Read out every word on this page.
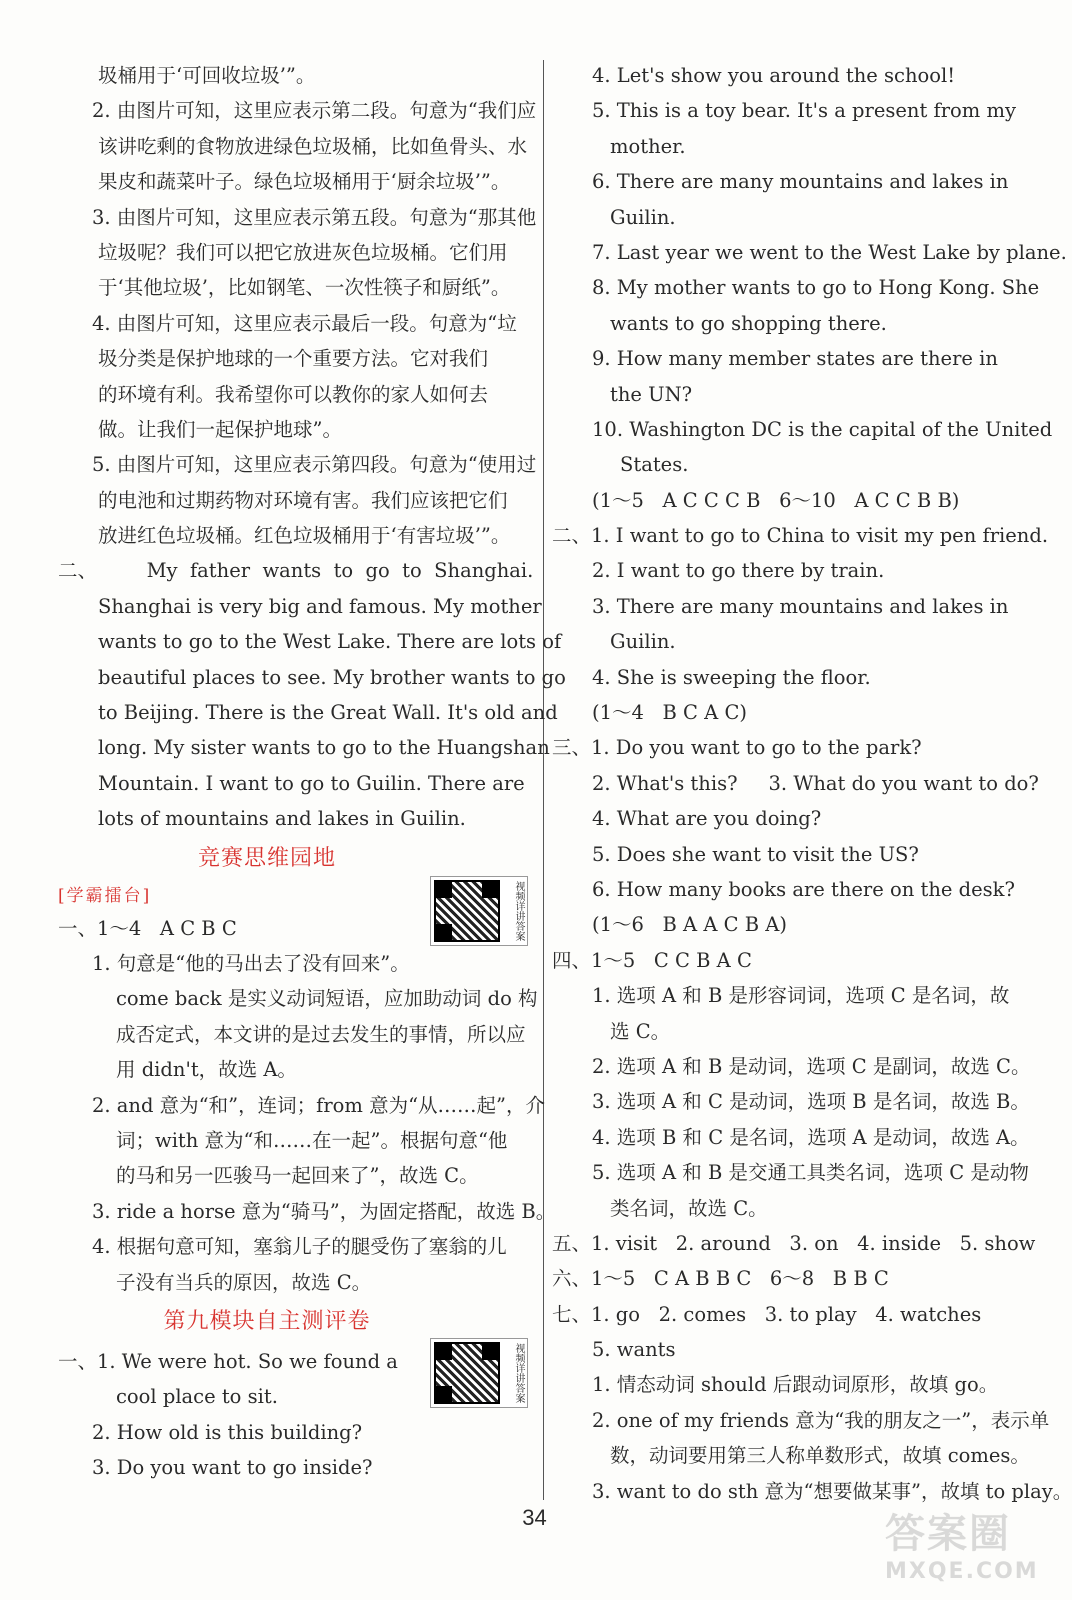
圾桶用于‘可回收垃圾’”。
2. 由图片可知，这里应表示第二段。句意为“我们应
该讲吃剩的食物放进绿色垃圾桶，比如鱼骨头、水
果皮和蔬菜叶子。绿色垃圾桶用于‘厨余垃圾’”。
3. 由图片可知，这里应表示第五段。句意为“那其他
垃圾呢？我们可以把它放进灰色垃圾桶。它们用
于‘其他垃圾’，比如钢笔、一次性筷子和厨纸”。
4. 由图片可知，这里应表示最后一段。句意为“垃
圾分类是保护地球的一个重要方法。它对我们
的环境有利。我希望你可以教你的家人如何去
做。让我们一起保护地球”。
5. 由图片可知，这里应表示第四段。句意为“使用过
的电池和过期药物对环境有害。我们应该把它们
放进红色垃圾桶。红色垃圾桶用于‘有害垃圾’”。
二、        My  father  wants  to  go  to  Shanghai.
Shanghai is very big and famous. My mother
wants to go to the West Lake. There are lots of
beautiful places to see. My brother wants to go
to Beijing. There is the Great Wall. It's old and
long. My sister wants to go to the Huangshan
Mountain. I want to go to Guilin. There are
lots of mountains and lakes in Guilin.
竞赛思维园地
[学霸擂台]
一、1～4   A C B C
1. 句意是“他的马出去了没有回来”。
come back 是实义动词短语，应加助动词 do 构
成否定式，本文讲的是过去发生的事情，所以应
用 didn't，故选 A。
2. and 意为“和”，连词；from 意为“从……起”，介
词；with 意为“和……在一起”。根据句意“他
的马和另一匹骏马一起回来了”，故选 C。
3. ride a horse 意为“骑马”，为固定搭配，故选 B。
4. 根据句意可知，塞翁儿子的腿受伤了塞翁的儿
子没有当兵的原因，故选 C。
第九模块自主测评卷
一、1. We were hot. So we found a
cool place to sit.
2. How old is this building?
3. Do you want to go inside?
视频详讲答案
视频详讲答案
4. Let's show you around the school!
5. This is a toy bear. It's a present from my
mother.
6. There are many mountains and lakes in
Guilin.
7. Last year we went to the West Lake by plane.
8. My mother wants to go to Hong Kong. She
wants to go shopping there.
9. How many member states are there in
the UN?
10. Washington DC is the capital of the United
States.
(1～5   A C C C B   6～10   A C C B B)
二、1. I want to go to China to visit my pen friend.
2. I want to go there by train.
3. There are many mountains and lakes in
Guilin.
4. She is sweeping the floor.
(1～4   B C A C)
三、1. Do you want to go to the park?
2. What's this?     3. What do you want to do?
4. What are you doing?
5. Does she want to visit the US?
6. How many books are there on the desk?
(1～6   B A A C B A)
四、1～5   C C B A C
1. 选项 A 和 B 是形容词词，选项 C 是名词，故
选 C。
2. 选项 A 和 B 是动词，选项 C 是副词，故选 C。
3. 选项 A 和 C 是动词，选项 B 是名词，故选 B。
4. 选项 B 和 C 是名词，选项 A 是动词，故选 A。
5. 选项 A 和 B 是交通工具类名词，选项 C 是动物
类名词，故选 C。
五、1. visit   2. around   3. on   4. inside   5. show
六、1～5   C A B B C   6～8   B B C
七、1. go   2. comes   3. to play   4. watches
5. wants
1. 情态动词 should 后跟动词原形，故填 go。
2. one of my friends 意为“我的朋友之一”，表示单
数，动词要用第三人称单数形式，故填 comes。
3. want to do sth 意为“想要做某事”，故填 to play。
34	答案圈
MXQE.COM
